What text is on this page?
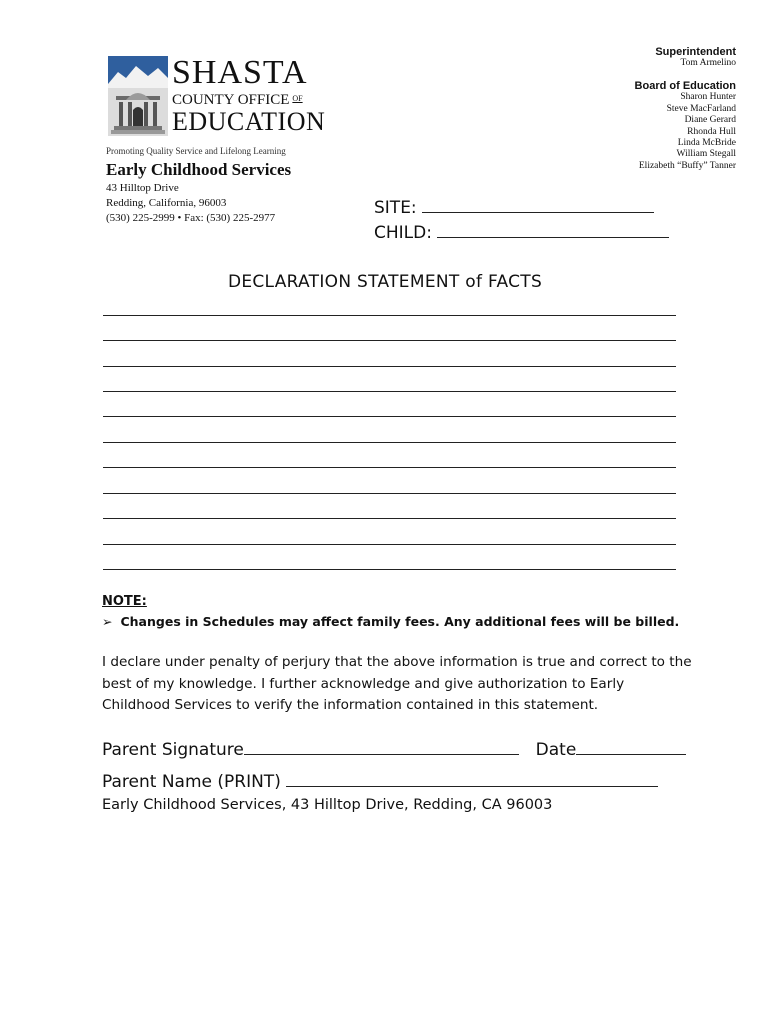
SHASTA
COUNTY OFFICE $^{OF}$
EDUCATION
Promoting Quality Service and Lifelong Learning
Early Childhood Services
43 Hilltop Drive
Redding, California, 96003
(530) 225-2999 • Fax: (530) 225-2977
Superintendent
Tom Armelino
Board of Education
Sharon Hunter
Steve MacFarland
Diane Gerard
Rhonda Hull
Linda McBride
William Stegall
Elizabeth “Buffy” Tanner
SITE:
CHILD:
DECLARATION STATEMENT of FACTS
NOTE:
➢ Changes in Schedules may affect family fees. Any additional fees will be billed.
I declare under penalty of perjury that the above information is true and correct to the best of my knowledge. I further acknowledge and give authorization to Early Childhood Services to verify the information contained in this statement.
Parent Signature	Date
Parent Name (PRINT)
Early Childhood Services, 43 Hilltop Drive, Redding, CA 96003
